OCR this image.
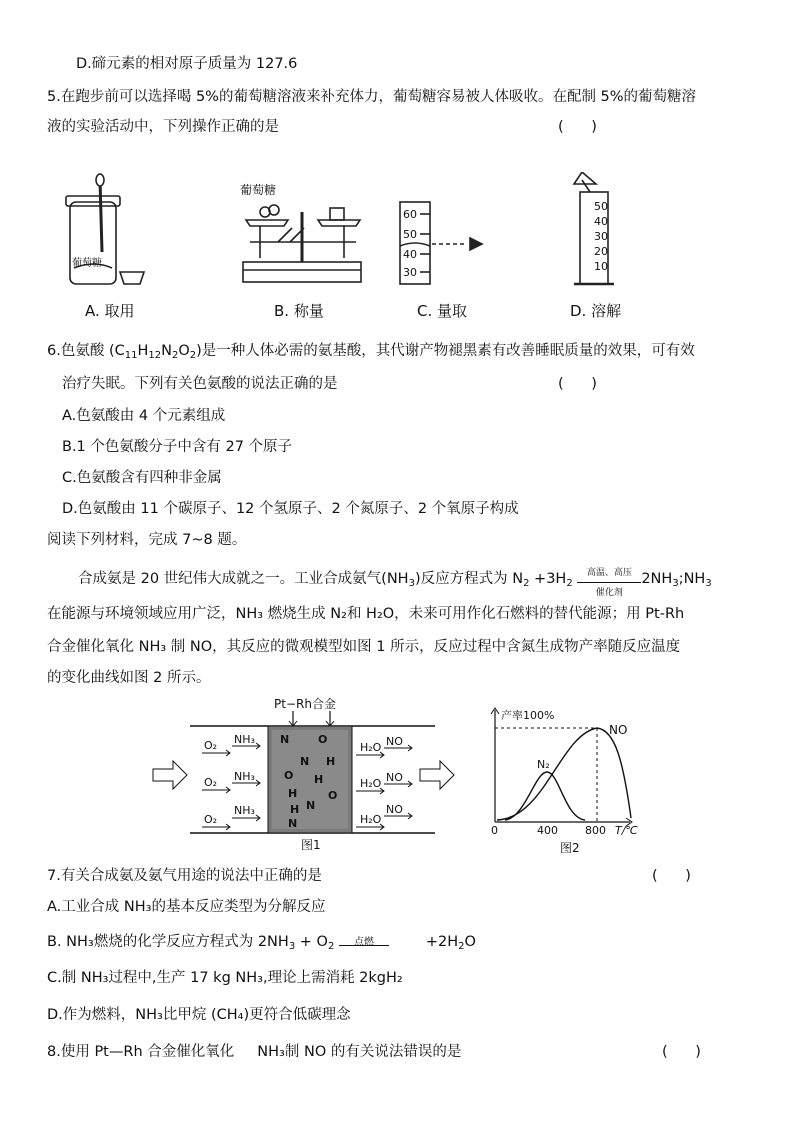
D.碲元素的相对原子质量为 127.6
5.在跑步前可以选择喝 5%的葡萄糖溶液来补充体力，葡萄糖容易被人体吸收。在配制 5%的葡萄糖溶
液的实验活动中，下列操作正确的是	(      )
葡萄糖
葡萄糖
60
50
40
30
50
40
30
20
10
A. 取用	B. 称量	C. 量取	D. 溶解
6.色氨酸 $(C_{11}H_{12}N_2O_2)$是一种人体必需的氨基酸，其代谢产物褪黑素有改善睡眠质量的效果，可有效
治疗失眠。下列有关色氨酸的说法正确的是	(      )
A.色氨酸由 4 个元素组成
B.1 个色氨酸分子中含有 27 个原子
C.色氨酸含有四种非金属
D.色氨酸由 11 个碳原子、12 个氢原子、2 个氮原子、2 个氧原子构成
阅读下列材料，完成 7~8 题。
合成氨是 20 世纪伟大成就之一。工业合成氨气$(NH_3)$反应方程式为 $N_2 +3H_2$
高温、高压
催化剂
$2NH_3;NH_3$
在能源与环境领域应用广泛，NH₃ 燃烧生成 N₂和 H₂O，未来可用作化石燃料的替代能源；用 Pt-Rh
合金催化氧化 NH₃ 制 NO，其反应的微观模型如图 1 所示，反应过程中含氮生成物产率随反应温度
的变化曲线如图 2 所示。
Pt−Rh合金
O₂ NH₃
O₂ NH₃
O₂
NH₃
H₂O NO
H₂O NO
H₂O
NO
N	O
N H
O H
H	O
N
H
N
图1
产率100%
NO
N₂
0	400 800 T/℃
图2
7.有关合成氨及氨气用途的说法中正确的是	(      )
A.工业合成 NH₃的基本反应类型为分解反应
B. NH₃燃烧的化学反应方程式为 $2NH_3 + O_2$	点燃	$+2H_2O$
C.制 NH₃过程中,生产 17 kg NH₃,理论上需消耗 2kgH₂
D.作为燃料，NH₃比甲烷 (CH₄)更符合低碳理念
8.使用 Pt—Rh 合金催化氧化 NH₃制 NO 的有关说法错误的是	(      )
